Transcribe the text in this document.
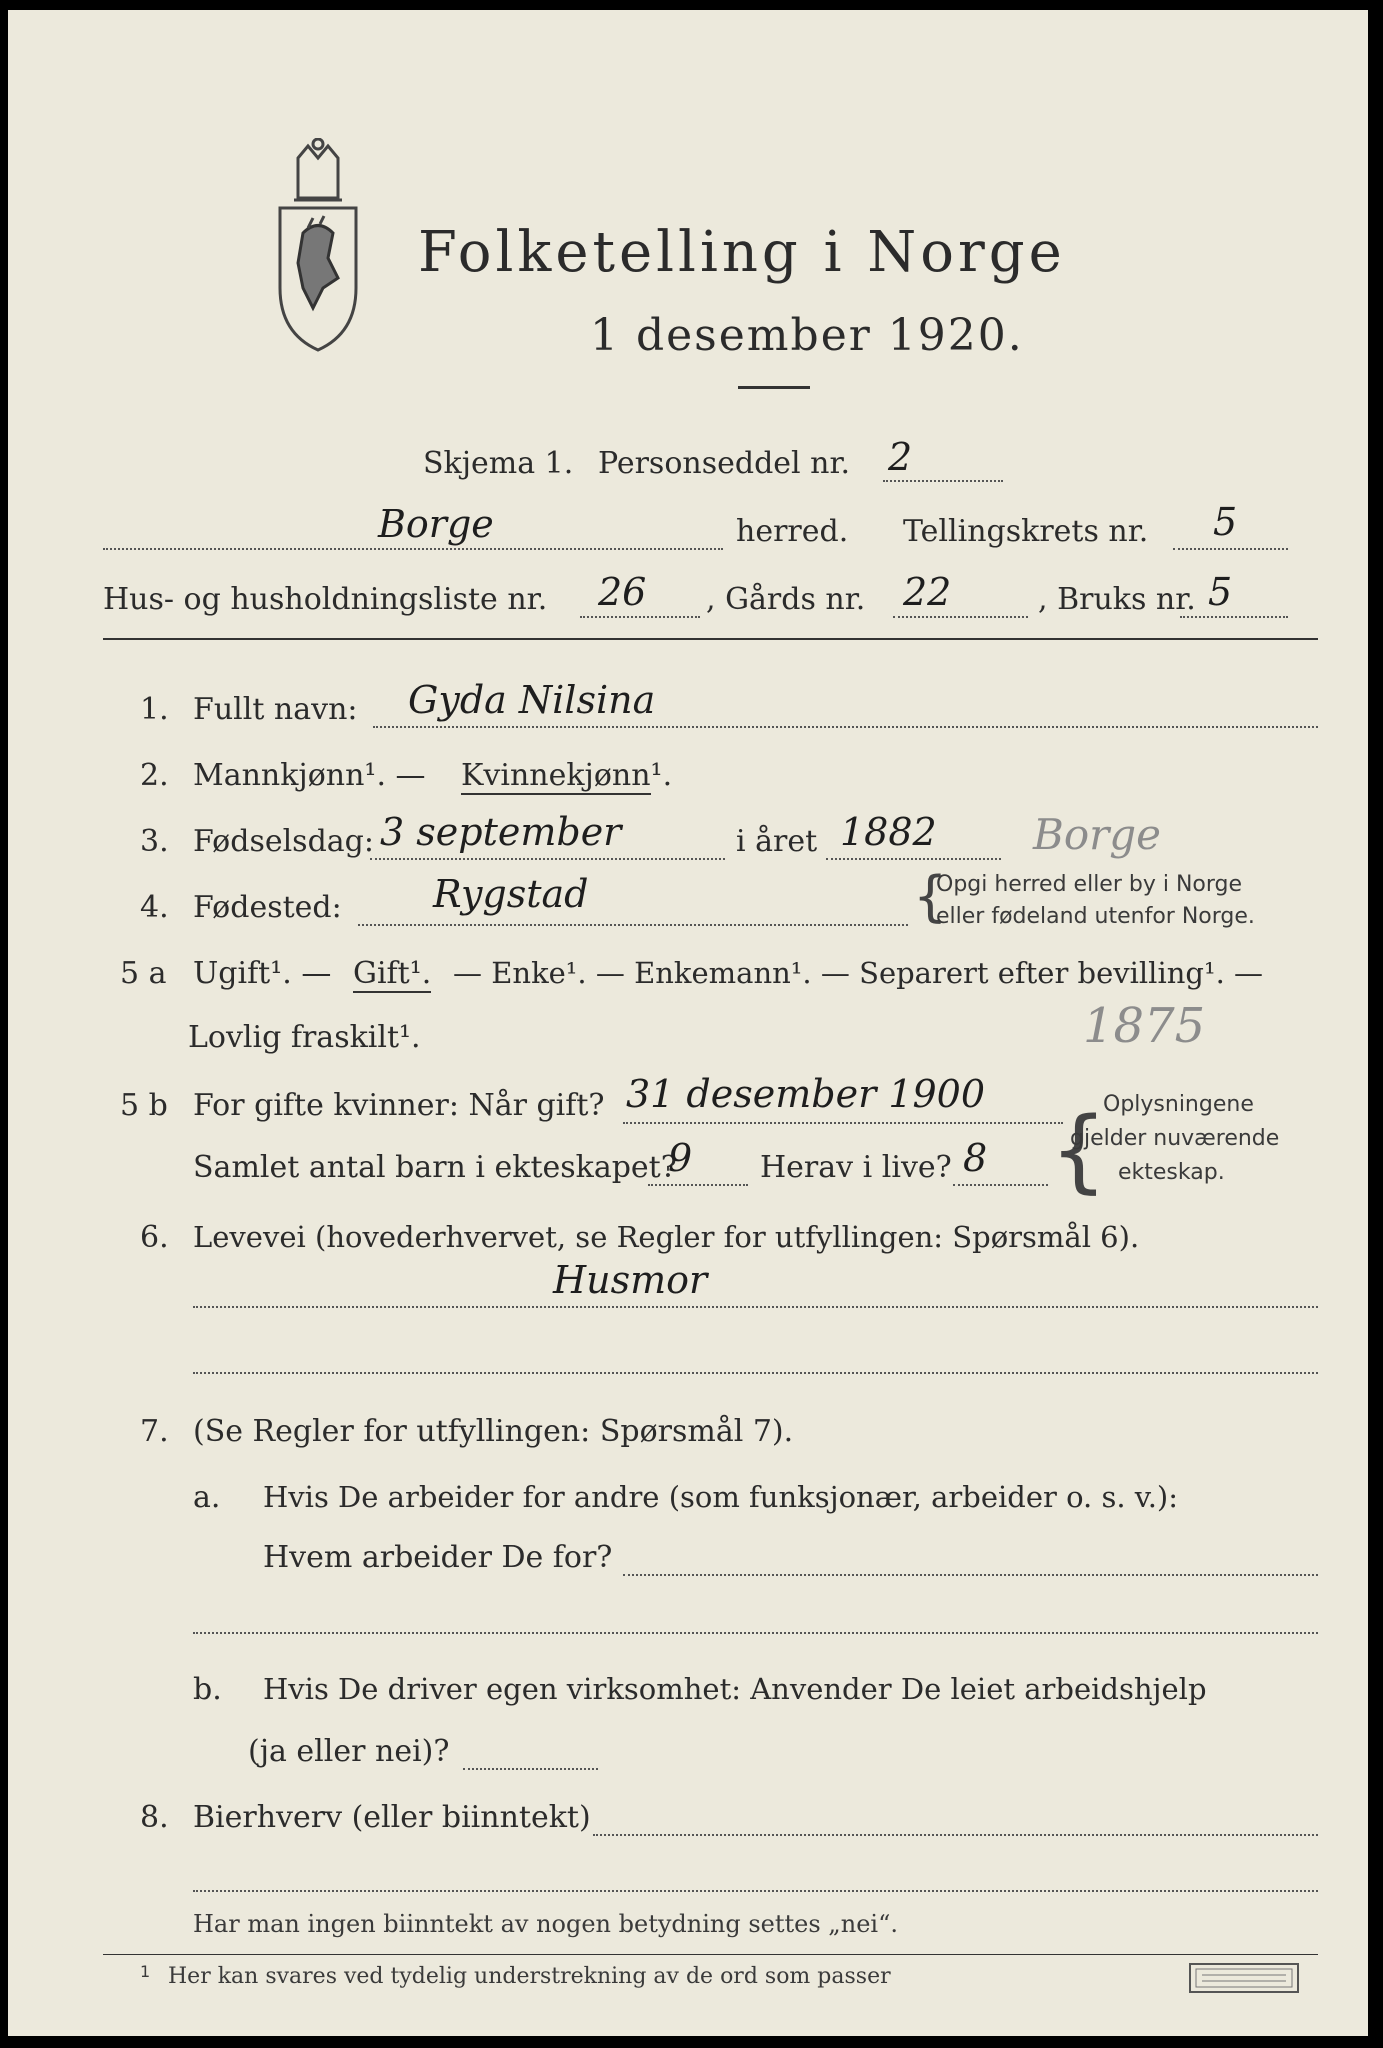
Folketelling i Norge
1 desember 1920.
Skjema 1. Personseddel nr. 2
Borge	herred. Tellingskrets nr. 5
Hus- og husholdningsliste nr. 26 , Gårds nr. 22	, Bruks nr. 5
1. Fullt navn: Gyda Nilsina
2. Mannkjønn¹. — Kvinnekjønn¹.
3. Fødselsdag: 3 september	i året 1882 Borge
4. Fødested: Rygstad	{
Opgi herred eller by i Norge
eller fødeland utenfor Norge.
5 a Ugift¹. — Gift¹. — Enke¹. — Enkemann¹. — Separert efter bevilling¹. —
Lovlig fraskilt¹.	1875
5 b For gifte kvinner: Når gift? 31 desember 1900
Samlet antal barn i ekteskapet?
9 Herav i live? 8 {
Oplysningene
gjelder nuværende
ekteskap.
6. Levevei (hovederhvervet, se Regler for utfyllingen: Spørsmål 6).
Husmor
7. (Se Regler for utfyllingen: Spørsmål 7).
a. Hvis De arbeider for andre (som funksjonær, arbeider o. s. v.):
Hvem arbeider De for?
b. Hvis De driver egen virksomhet: Anvender De leiet arbeidshjelp
(ja eller nei)?
8. Bierhverv (eller biinntekt)
Har man ingen biinntekt av nogen betydning settes „nei“.
1 Her kan svares ved tydelig understrekning av de ord som passer
